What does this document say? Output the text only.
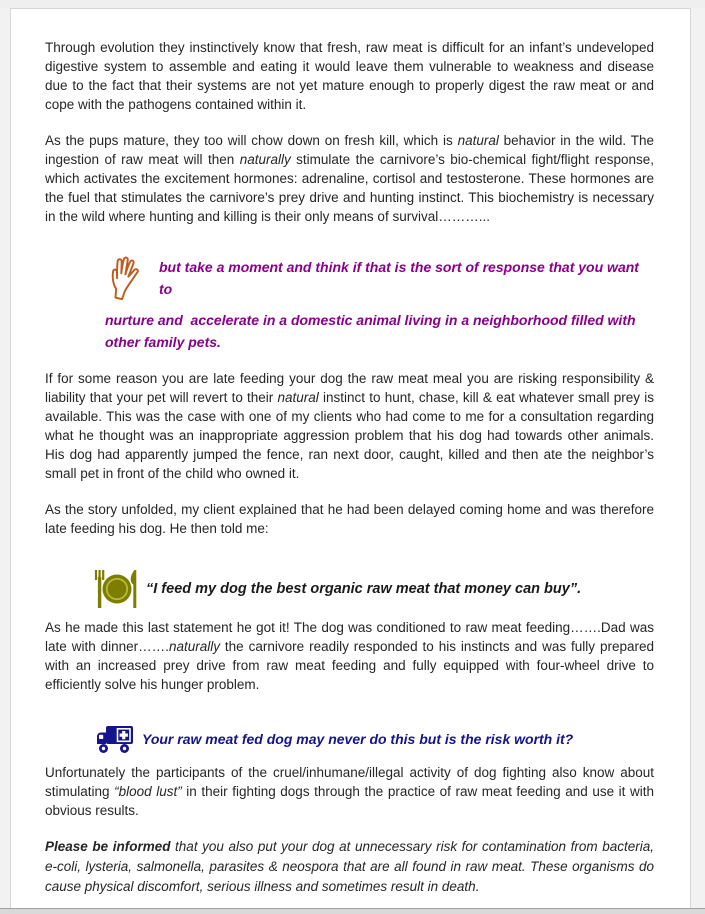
Through evolution they instinctively know that fresh, raw meat is difficult for an infant’s undeveloped digestive system to assemble and eating it would leave them vulnerable to weakness and disease due to the fact that their systems are not yet mature enough to properly digest the raw meat or and cope with the pathogens contained within it.

As the pups mature, they too will chow down on fresh kill, which is natural behavior in the wild. The ingestion of raw meat will then naturally stimulate the carnivore’s bio-chemical fight/flight response, which activates the excitement hormones: adrenaline, cortisol and testosterone. These hormones are the fuel that stimulates the carnivore’s prey drive and hunting instinct. This biochemistry is necessary in the wild where hunting and killing is their only means of survival………...

but take a moment and think if that is the sort of response that you want to
nurture and  accelerate in a domestic animal living in a neighborhood filled with other family pets.

If for some reason you are late feeding your dog the raw meat meal you are risking responsibility & liability that your pet will revert to their natural instinct to hunt, chase, kill & eat whatever small prey is available. This was the case with one of my clients who had come to me for a consultation regarding what he thought was an inappropriate aggression problem that his dog had towards other animals. His dog had apparently jumped the fence, ran next door, caught, killed and then ate the neighbor’s small pet in front of the child who owned it.

As the story unfolded, my client explained that he had been delayed coming home and was therefore late feeding his dog. He then told me:

“I feed my dog the best organic raw meat that money can buy”.

As he made this last statement he got it! The dog was conditioned to raw meat feeding…….Dad was late with dinner…….naturally the carnivore readily responded to his instincts and was fully prepared with an increased prey drive from raw meat feeding and fully equipped with four-wheel drive to efficiently solve his hunger problem.

Your raw meat fed dog may never do this but is the risk worth it?

Unfortunately the participants of the cruel/inhumane/illegal activity of dog fighting also know about stimulating “blood lust” in their fighting dogs through the practice of raw meat feeding and use it with obvious results.

Please be informed that you also put your dog at unnecessary risk for contamination from bacteria, e-coli, lysteria, salmonella, parasites & neospora that are all found in raw meat. These organisms do cause physical discomfort, serious illness and sometimes result in death.
